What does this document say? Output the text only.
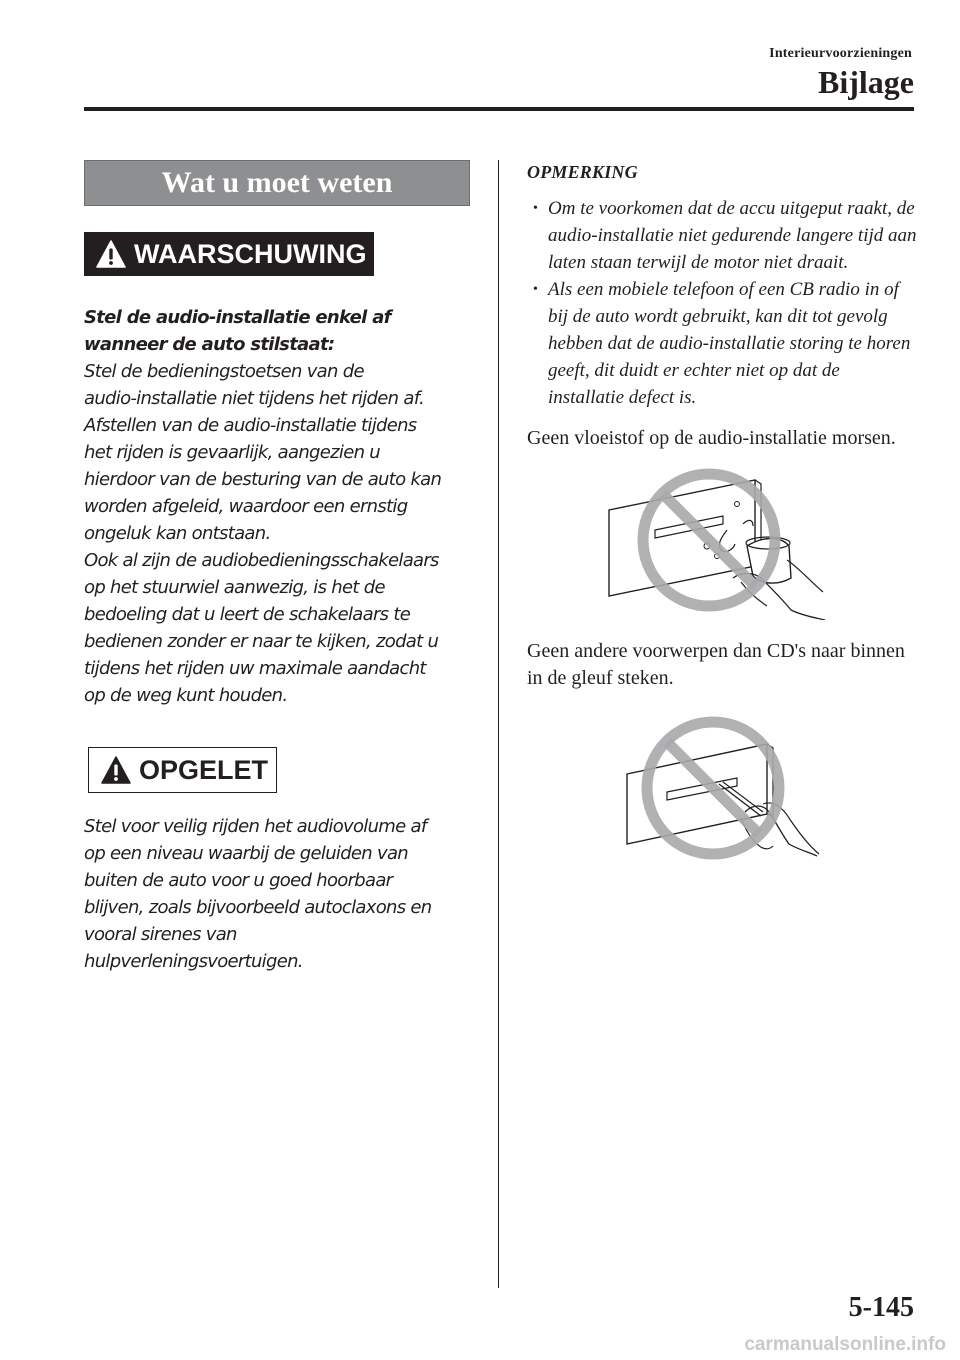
Interieurvoorzieningen
Bijlage
Wat u moet weten
WAARSCHUWING

Stel de audio-installatie enkel af wanneer de auto stilstaat:
Stel de bedieningstoetsen van de
audio-installatie niet tijdens het rijden af.
Afstellen van de audio-installatie tijdens
het rijden is gevaarlijk, aangezien u
hierdoor van de besturing van de auto kan
worden afgeleid, waardoor een ernstig
ongeluk kan ontstaan.
Ook al zijn de audiobedieningsschakelaars
op het stuurwiel aanwezig, is het de
bedoeling dat u leert de schakelaars te
bedienen zonder er naar te kijken, zodat u
tijdens het rijden uw maximale aandacht
op de weg kunt houden.

OPGELET

Stel voor veilig rijden het audiovolume af
op een niveau waarbij de geluiden van
buiten de auto voor u goed hoorbaar
blijven, zoals bijvoorbeeld autoclaxons en
vooral sirenes van
hulpverleningsvoertuigen.

OPMERKING
• Om te voorkomen dat de accu uitgeput raakt, de audio-installatie niet gedurende langere tijd aan laten staan terwijl de motor niet draait.
• Als een mobiele telefoon of een CB radio in of bij de auto wordt gebruikt, kan dit tot gevolg hebben dat de audio-installatie storing te horen geeft, dit duidt er echter niet op dat de installatie defect is.

Geen vloeistof op de audio-installatie morsen.

Geen andere voorwerpen dan CD's naar binnen in de gleuf steken.

5-145
carmanualsonline.info
